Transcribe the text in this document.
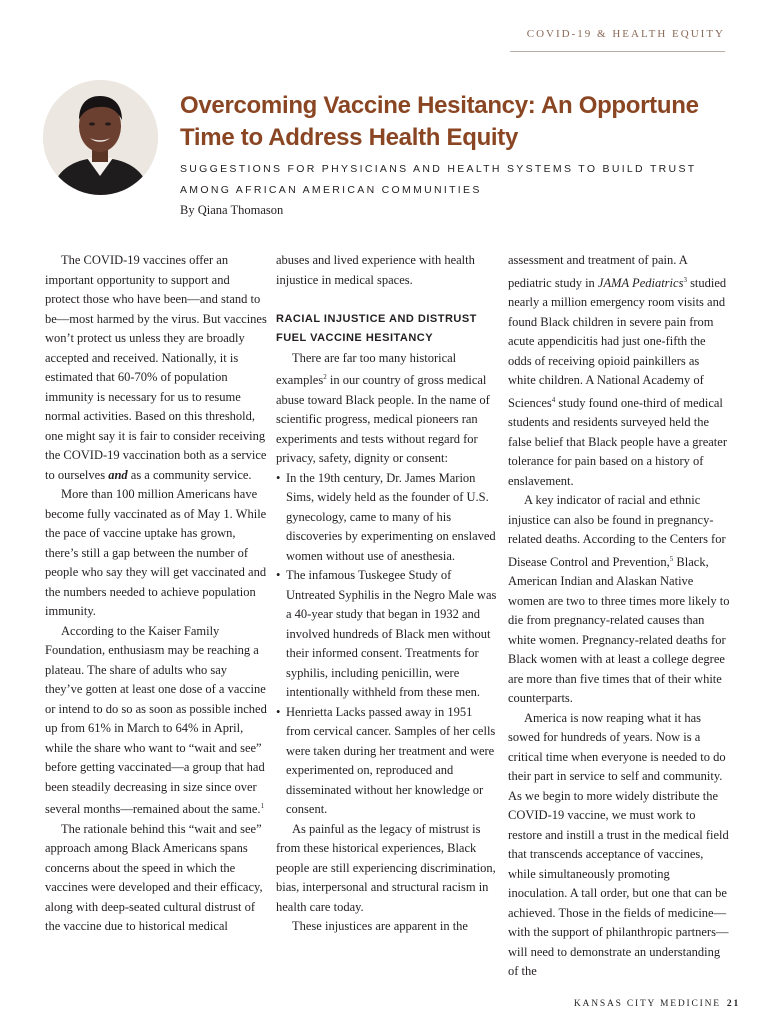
COVID-19 & HEALTH EQUITY
Overcoming Vaccine Hesitancy: An Opportune Time to Address Health Equity
SUGGESTIONS FOR PHYSICIANS AND HEALTH SYSTEMS TO BUILD TRUST AMONG AFRICAN AMERICAN COMMUNITIES
By Qiana Thomason

The COVID-19 vaccines offer an important opportunity to support and protect those who have been—and stand to be—most harmed by the virus. But vaccines won’t protect us unless they are broadly accepted and received. Nationally, it is estimated that 60-70% of population immunity is necessary for us to resume normal activities. Based on this threshold, one might say it is fair to consider receiving the COVID-19 vaccination both as a service to ourselves and as a community service.

More than 100 million Americans have become fully vaccinated as of May 1. While the pace of vaccine uptake has grown, there’s still a gap between the number of people who say they will get vaccinated and the numbers needed to achieve population immunity.

According to the Kaiser Family Foundation, enthusiasm may be reaching a plateau. The share of adults who say they’ve gotten at least one dose of a vaccine or intend to do so as soon as possible inched up from 61% in March to 64% in April, while the share who want to “wait and see” before getting vaccinated—a group that had been steadily decreasing in size since over several months—remained about the same.$^1$

The rationale behind this “wait and see” approach among Black Americans spans concerns about the speed in which the vaccines were developed and their efficacy, along with deep-seated cultural distrust of the vaccine due to historical medical

abuses and lived experience with health injustice in medical spaces.

RACIAL INJUSTICE AND DISTRUST FUEL VACCINE HESITANCY

There are far too many historical examples$^2$ in our country of gross medical abuse toward Black people. In the name of scientific progress, medical pioneers ran experiments and tests without regard for privacy, safety, dignity or consent:

• In the 19th century, Dr. James Marion Sims, widely held as the founder of U.S. gynecology, came to many of his discoveries by experimenting on enslaved women without use of anesthesia.
• The infamous Tuskegee Study of Untreated Syphilis in the Negro Male was a 40-year study that began in 1932 and involved hundreds of Black men without their informed consent. Treatments for syphilis, including penicillin, were intentionally withheld from these men.
• Henrietta Lacks passed away in 1951 from cervical cancer. Samples of her cells were taken during her treatment and were experimented on, reproduced and disseminated without her knowledge or consent.

As painful as the legacy of mistrust is from these historical experiences, Black people are still experiencing discrimination, bias, interpersonal and structural racism in health care today.

These injustices are apparent in the

assessment and treatment of pain. A pediatric study in JAMA Pediatrics$^3$ studied nearly a million emergency room visits and found Black children in severe pain from acute appendicitis had just one-fifth the odds of receiving opioid painkillers as white children. A National Academy of Sciences$^4$ study found one-third of medical students and residents surveyed held the false belief that Black people have a greater tolerance for pain based on a history of enslavement.

A key indicator of racial and ethnic injustice can also be found in pregnancy-related deaths. According to the Centers for Disease Control and Prevention,$^5$ Black, American Indian and Alaskan Native women are two to three times more likely to die from pregnancy-related causes than white women. Pregnancy-related deaths for Black women with at least a college degree are more than five times that of their white counterparts.

America is now reaping what it has sowed for hundreds of years. Now is a critical time when everyone is needed to do their part in service to self and community. As we begin to more widely distribute the COVID-19 vaccine, we must work to restore and instill a trust in the medical field that transcends acceptance of vaccines, while simultaneously promoting inoculation. A tall order, but one that can be achieved. Those in the fields of medicine—with the support of philanthropic partners—will need to demonstrate an understanding of the

KANSAS CITY MEDICINE 21
